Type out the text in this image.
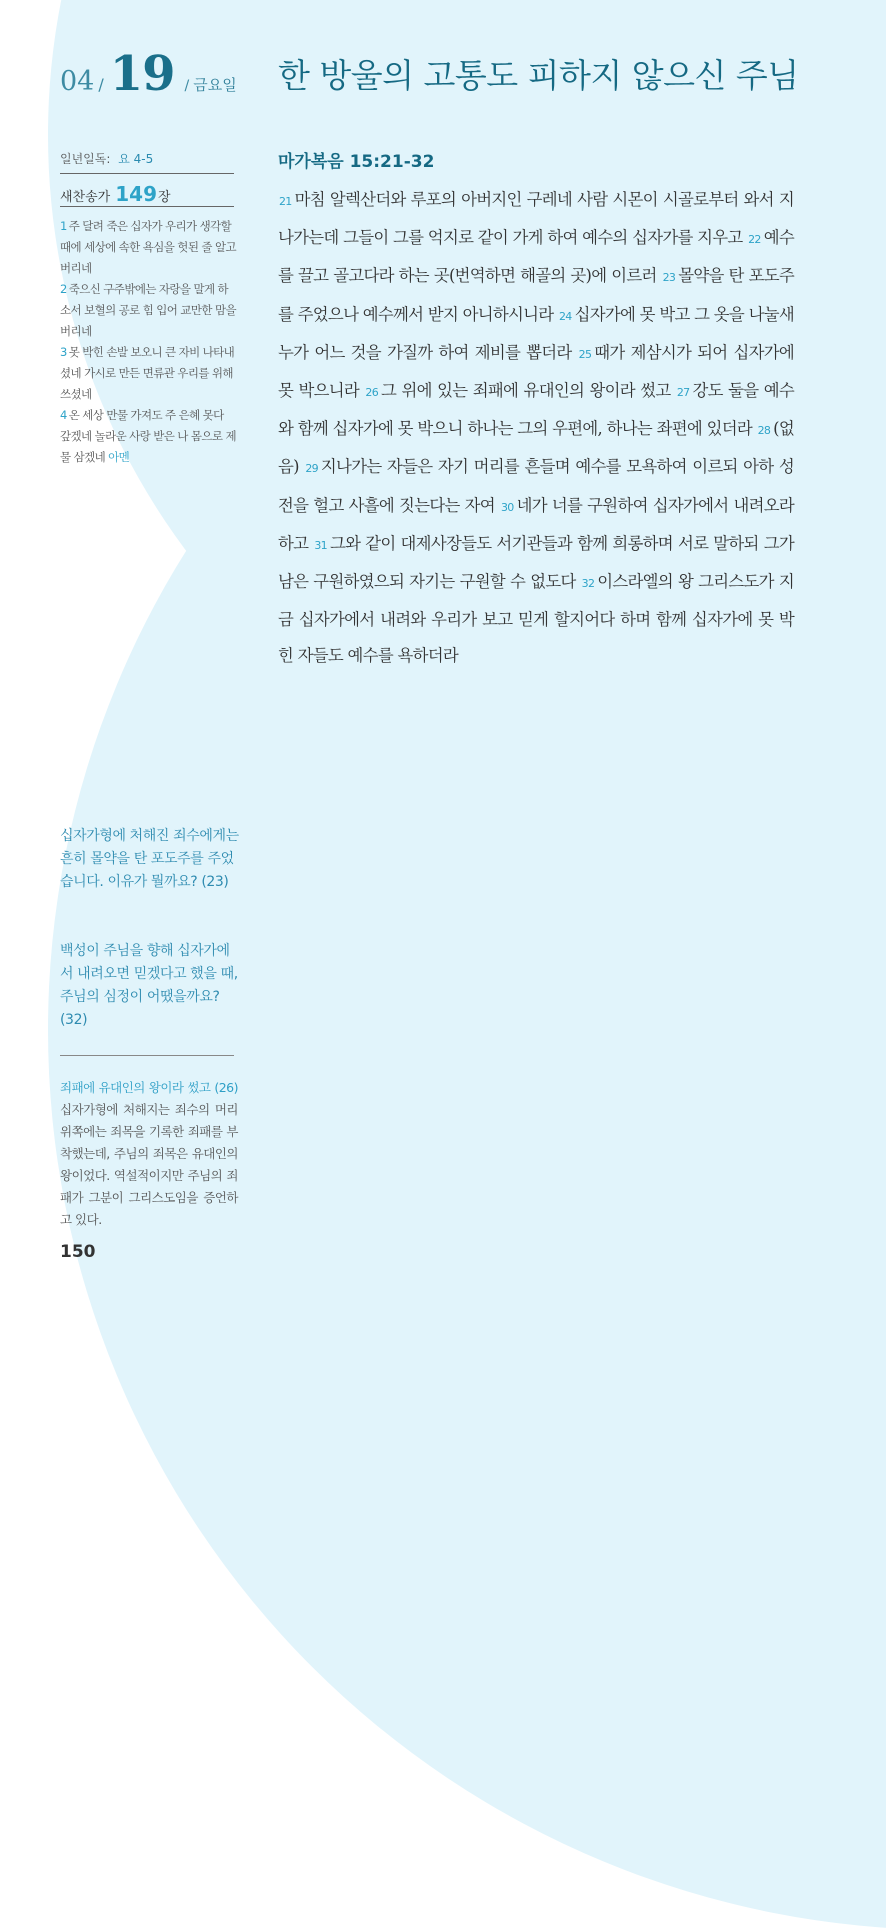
04 / 19 / 금요일 한 방울의 고통도 피하지 않으신 주님
일년일독: 요 4-5
새찬송가 149장
1 주 달려 죽은 십자가 우리가 생각할 때에 세상에 속한 욕심을 헛된 줄 알고 버리네
2 죽으신 구주밖에는 자랑을 말게 하소서 보혈의 공로 힘 입어 교만한 맘을 버리네
3 못 박힌 손발 보오니 큰 자비 나타내셨네 가시로 만든 면류관 우리를 위해 쓰셨네
4 온 세상 만물 가져도 주 은혜 못다 갚겠네 놀라운 사랑 받은 나 몸으로 제물 삼겠네 아멘
십자가형에 처해진 죄수에게는 흔히 몰약을 탄 포도주를 주었습니다. 이유가 뭘까요? (23)
백성이 주님을 향해 십자가에서 내려오면 믿겠다고 했을 때, 주님의 심정이 어땠을까요? (32)
죄패에 유대인의 왕이라 썼고 (26) 십자가형에 처해지는 죄수의 머리 위쪽에는 죄목을 기록한 죄패를 부착했는데, 주님의 죄목은 유대인의 왕이었다. 역설적이지만 주님의 죄패가 그분이 그리스도임을 증언하고 있다.
150
마가복음 15:21-32
21 마침 알렉산더와 루포의 아버지인 구레네 사람 시몬이 시골로부터 와서 지나가는데 그들이 그를 억지로 같이 가게 하여 예수의 십자가를 지우고 22 예수를 끌고 골고다라 하는 곳(번역하면 해골의 곳)에 이르러 23 몰약을 탄 포도주를 주었으나 예수께서 받지 아니하시니라 24 십자가에 못 박고 그 옷을 나눌새 누가 어느 것을 가질까 하여 제비를 뽑더라 25 때가 제삼시가 되어 십자가에 못 박으니라 26 그 위에 있는 죄패에 유대인의 왕이라 썼고 27 강도 둘을 예수와 함께 십자가에 못 박으니 하나는 그의 우편에, 하나는 좌편에 있더라 28 (없음) 29 지나가는 자들은 자기 머리를 흔들며 예수를 모욕하여 이르되 아하 성전을 헐고 사흘에 짓는다는 자여 30 네가 너를 구원하여 십자가에서 내려오라 하고 31 그와 같이 대제사장들도 서기관들과 함께 희롱하며 서로 말하되 그가 남은 구원하였으되 자기는 구원할 수 없도다 32 이스라엘의 왕 그리스도가 지금 십자가에서 내려와 우리가 보고 믿게 할지어다 하며 함께 십자가에 못 박힌 자들도 예수를 욕하더라
